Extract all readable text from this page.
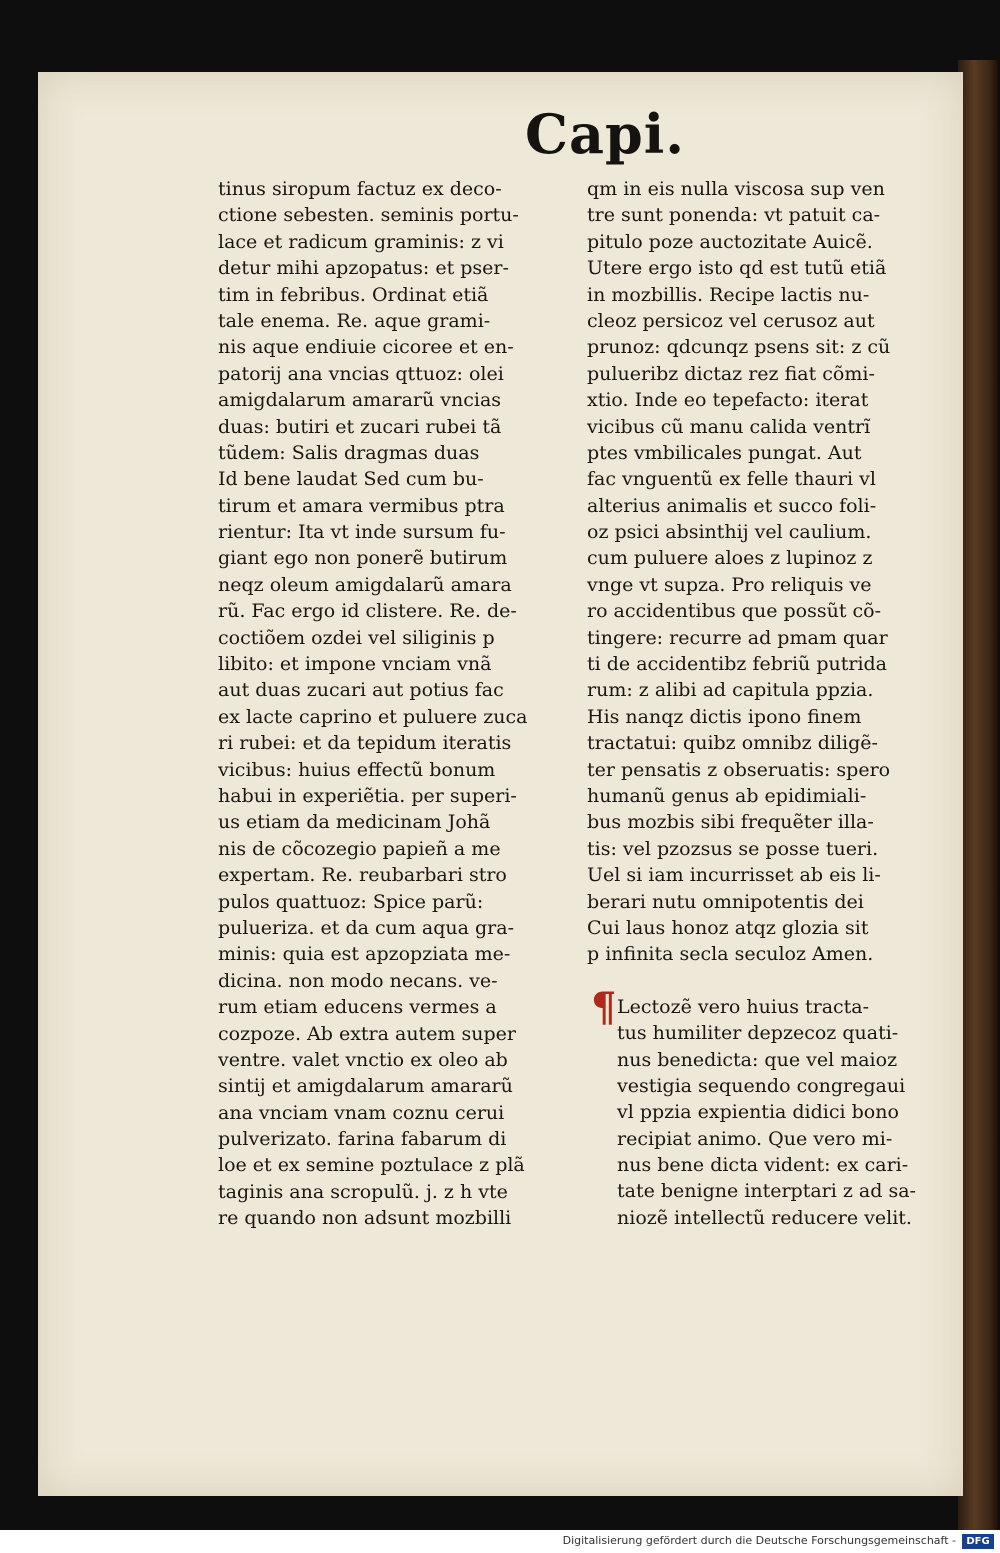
Capi.
tinus siropum factuz ex deco-
ctione sebesten. seminis portu-
lace et radicum graminis: z vi
detur mihi apzopatus: et pser-
tim in febribus. Ordinat etiã
tale enema. Re. aque grami-
nis aque endiuie cicoree et en-
patorij ana vncias qttuoz: olei
amigdalarum amararũ vncias
duas: butiri et zucari rubei tã
tũdem: Salis dragmas duas
Id bene laudat Sed cum bu-
tirum et amara vermibus ptra
rientur: Ita vt inde sursum fu-
giant ego non ponerẽ butirum
neqz oleum amigdalarũ amara
rũ. Fac ergo id clistere. Re. de-
coctiõem ozdei vel siliginis p
libito: et impone vnciam vnã
aut duas zucari aut potius fac
ex lacte caprino et puluere zuca
ri rubei: et da tepidum iteratis
vicibus: huius effectũ bonum
habui in experiẽtia. per superi-
us etiam da medicinam Johã
nis de cõcozegio papieñ a me
expertam. Re. reubarbari stro
pulos quattuoz: Spice parũ:
pulueriza. et da cum aqua gra-
minis: quia est apzopziata me-
dicina. non modo necans. ve-
rum etiam educens vermes a
cozpoze. Ab extra autem super
ventre. valet vnctio ex oleo ab
sintij et amigdalarum amararũ
ana vnciam vnam coznu cerui
pulverizato. farina fabarum di
loe et ex semine poztulace z plã
taginis ana scropulũ. j. z h vte
re quando non adsunt mozbilli
qm in eis nulla viscosa sup ven
tre sunt ponenda: vt patuit ca-
pitulo poze auctozitate Auicẽ.
Utere ergo isto qd est tutũ etiã
in mozbillis. Recipe lactis nu-
cleoz persicoz vel cerusoz aut
prunoz: qdcunqz psens sit: z cũ
pulueribz dictaz rez fiat cõmi-
xtio. Inde eo tepefacto: iterat
vicibus cũ manu calida ventrĩ
ptes vmbilicales pungat. Aut
fac vnguentũ ex felle thauri vl
alterius animalis et succo foli-
oz psici absinthij vel caulium.
cum puluere aloes z lupinoz z
vnge vt supza. Pro reliquis ve
ro accidentibus que possũt cõ-
tingere: recurre ad pmam quar
ti de accidentibz febriũ putrida
rum: z alibi ad capitula ppzia.
His nanqz dictis ipono finem
tractatui: quibz omnibz diligẽ-
ter pensatis z obseruatis: spero
humanũ genus ab epidimiali-
bus mozbis sibi frequẽter illa-
tis: vel pzozsus se posse tueri.
Uel si iam incurrisset ab eis li-
berari nutu omnipotentis dei
Cui laus honoz atqz glozia sit
p infinita secla seculoz Amen.
Lectozẽ vero huius tracta-
tus humiliter depzecoz quati-
nus benedicta: que vel maioz
vestigia sequendo congregaui
vl ppzia expientia didici bono
recipiat animo. Que vero mi-
nus bene dicta vident: ex cari-
tate benigne interptari z ad sa-
niozẽ intellectũ reducere velit.
¶
Digitalisierung gefördert durch die Deutsche Forschungsgemeinschaft -	DFG
